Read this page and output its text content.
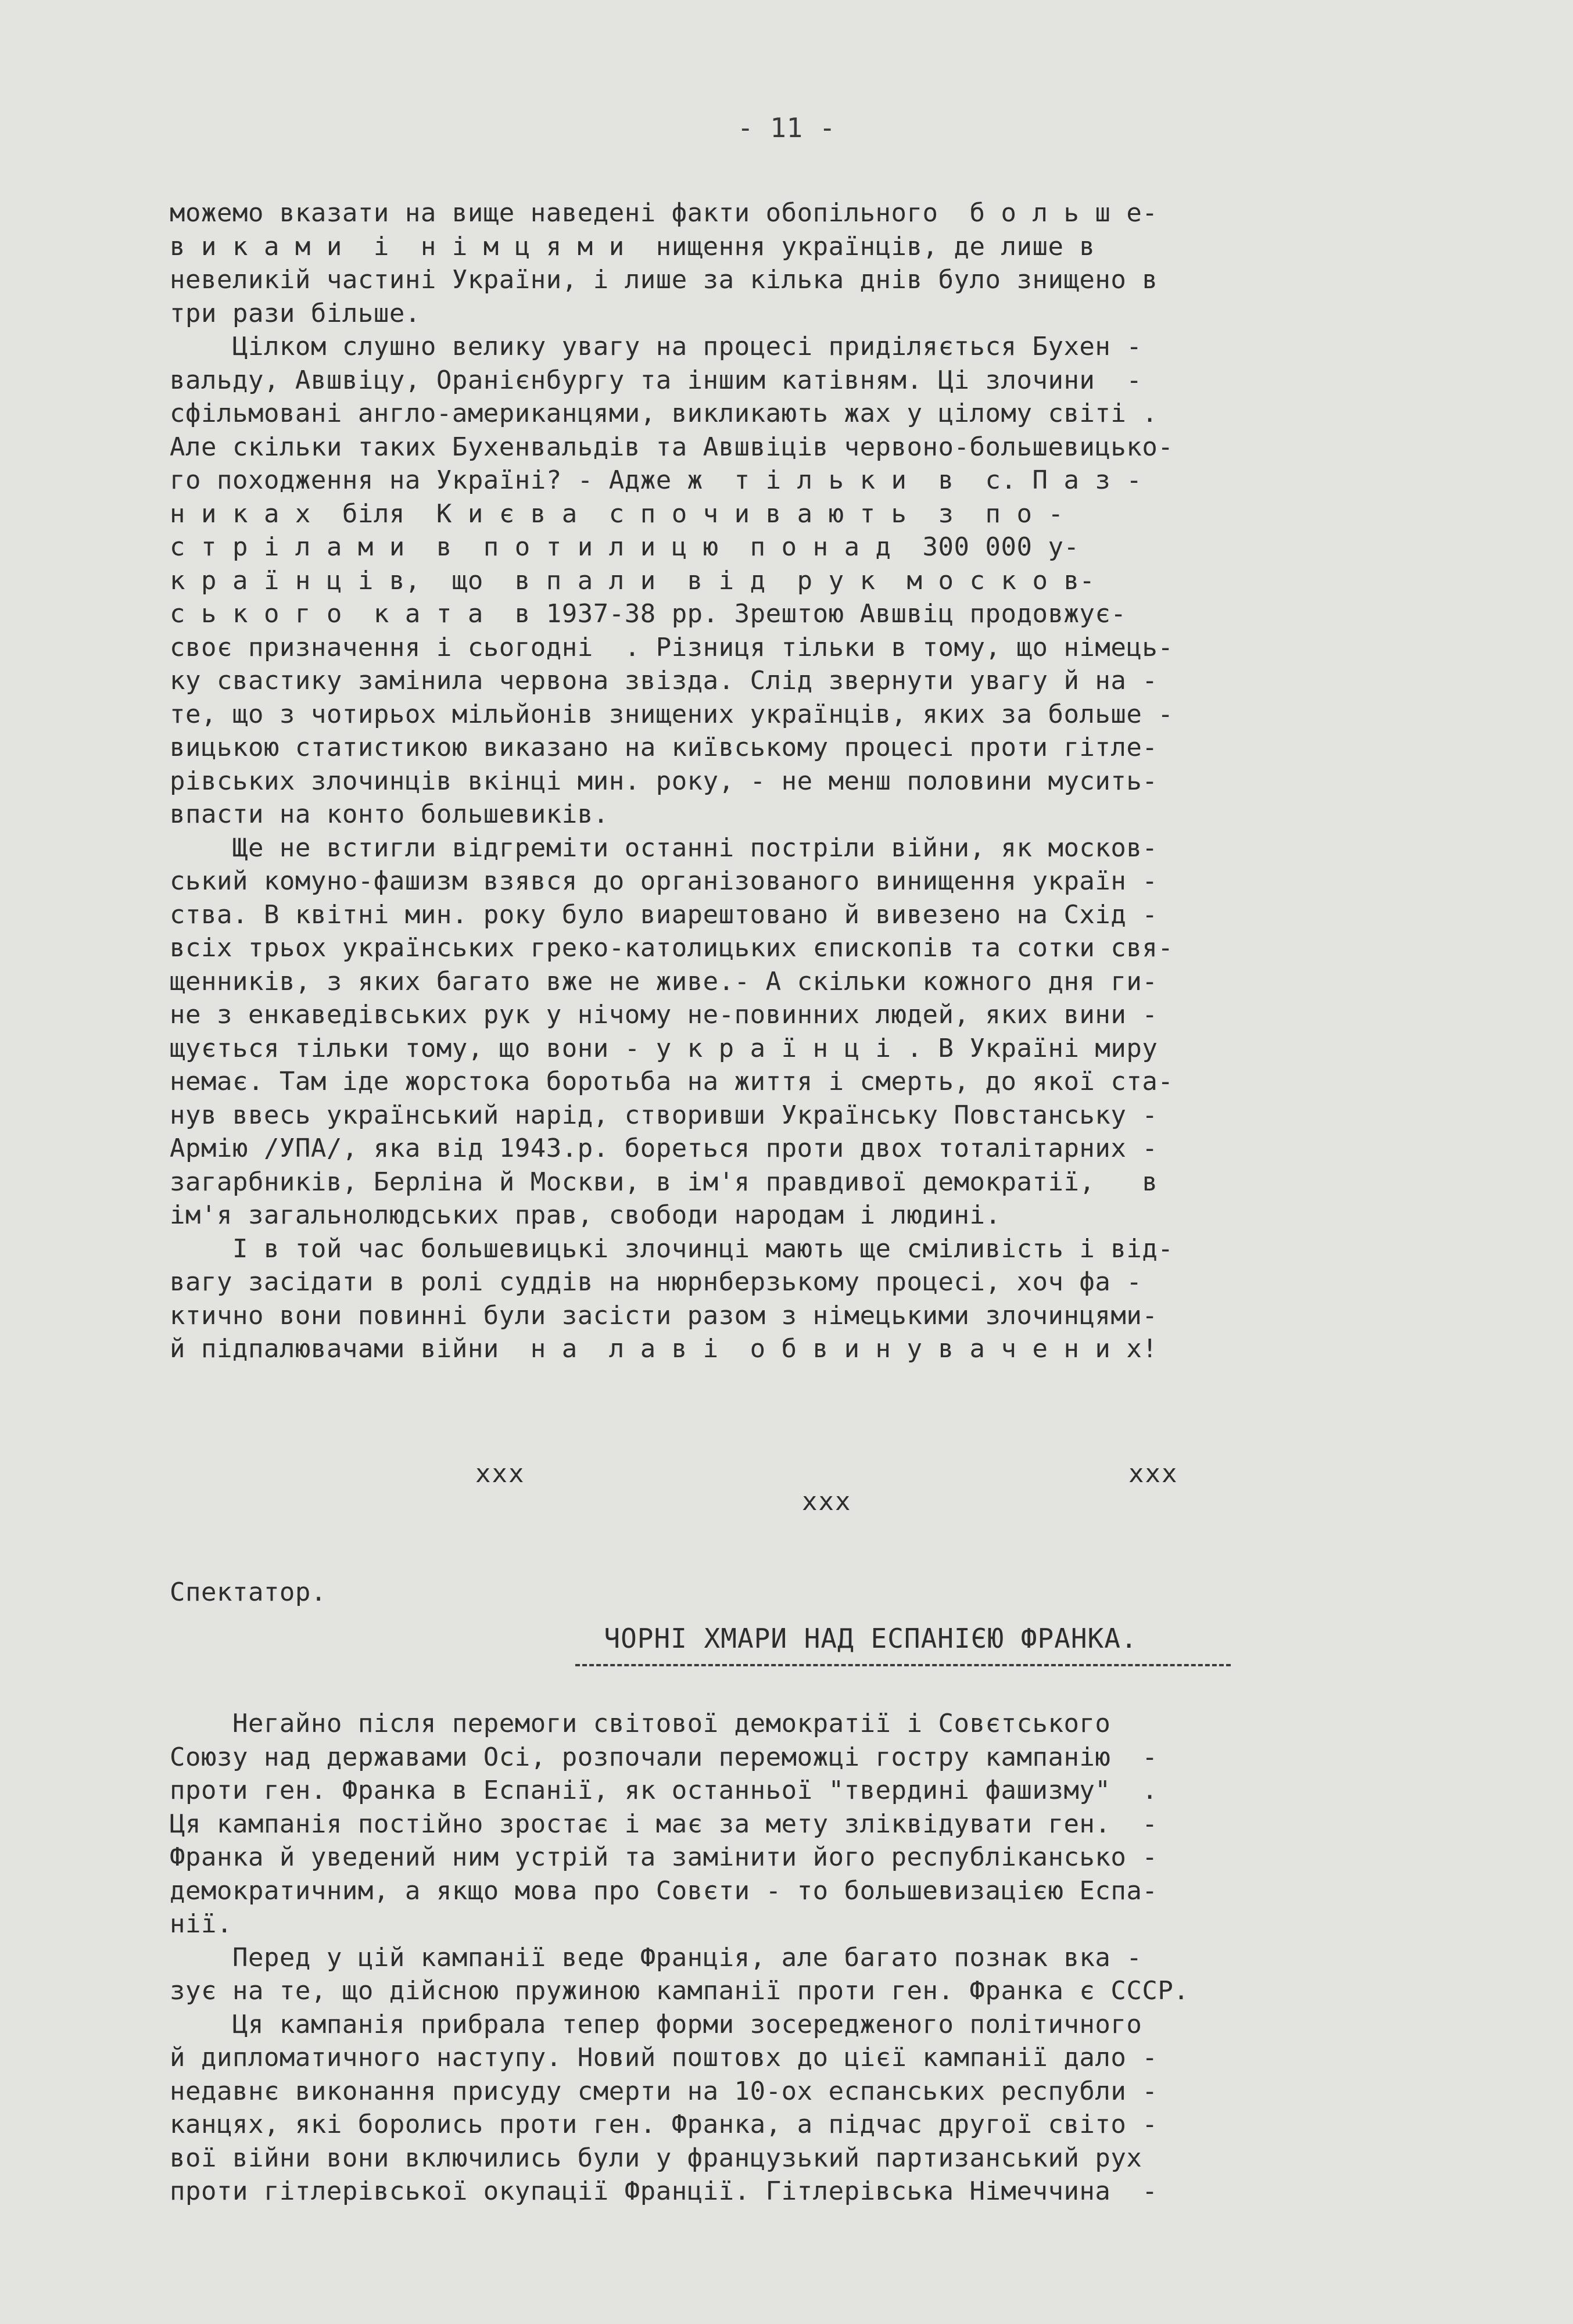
- 11 -
можемо вказати на вище наведені факти обопільного  б о л ь ш е-
в и к а м и  і  н і м ц я м и  нищення українців, де лише в
невеликій частині України, і лише за кілька днів було знищено в
три рази більше.
Цілком слушно велику увагу на процесі приділяється Бухен -
вальду, Авшвіцу, Оранієнбургу та іншим катівням. Ці злочини  -
сфільмовані англо-американцями, викликають жах у цілому світі .
Але скільки таких Бухенвальдів та Авшвіців червоно-большевицько-
го походження на Україні? - Адже ж  т і л ь к и  в  с. П а з -
н и к а х  біля  К и є в а  с п о ч и в а ю т ь  з  п о -
с т р і л а м и  в  п о т и л и ц ю  п о н а д  300 000 у-
к р а ї н ц і в,  що  в п а л и  в і д  р у к  м о с к о в-
с ь к о г о  к а т а  в 1937-38 рр. Зрештою Авшвіц продовжує-
своє призначення і сьогодні  . Різниця тільки в тому, що німець-
ку свастику замінила червона звізда. Слід звернути увагу й на -
те, що з чотирьох мільйонів знищених українців, яких за больше -
вицькою статистикою виказано на київському процесі проти гітле-
рівських злочинців вкінці мин. року, - не менш половини мусить-
впасти на конто большевиків.
Ще не встигли відгреміти останні постріли війни, як москов-
ський комуно-фашизм взявся до організованого винищення україн -
ства. В квітні мин. року було виарештовано й вивезено на Схід -
всіх трьох українських греко-католицьких єпископів та сотки свя-
щенників, з яких багато вже не живе.- А скільки кожного дня ги-
не з енкаведівських рук у нічому не-повинних людей, яких вини -
щується тільки тому, що вони - у к р а ї н ц і . В Україні миру
немає. Там іде жорстока боротьба на життя і смерть, до якої ста-
нув ввесь український нарід, створивши Українську Повстанську -
Армію /УПА/, яка від 1943.р. бореться проти двох тоталітарних -
загарбників, Берліна й Москви, в ім'я правдивої демократії,   в
ім'я загальнолюдських прав, свободи народам і людині.
І в той час большевицькі злочинці мають ще сміливість і від-
вагу засідати в ролі суддів на нюрнберзькому процесі, хоч фа -
ктично вони повинні були засісти разом з німецькими злочинцями-
й підпалювачами війни  н а  л а в і  о б в и н у в а ч е н и х!
ххх
ххх
ххх
Спектатор.
ЧОРНІ ХМАРИ НАД ЕСПАНІЄЮ ФРАНКА.
Негайно після перемоги світової демократії і Совєтського
Союзу над державами Осі, розпочали переможці гостру кампанію  -
проти ген. Франка в Еспанії, як останньої "твердині фашизму"  .
Ця кампанія постійно зростає і має за мету зліквідувати ген.  -
Франка й уведений ним устрій та замінити його республікансько -
демократичним, а якщо мова про Совєти - то большевизацією Еспа-
нії.
Перед у цій кампанії веде Франція, але багато познак вка -
зує на те, що дійсною пружиною кампанії проти ген. Франка є СССР.
Ця кампанія прибрала тепер форми зосередженого політичного
й дипломатичного наступу. Новий поштовх до цієї кампанії дало -
недавнє виконання присуду смерти на 10-ох еспанських республи -
канцях, які боролись проти ген. Франка, а підчас другої світо -
вої війни вони включились були у французький партизанський рух
проти гітлерівської окупації Франції. Гітлерівська Німеччина  -
